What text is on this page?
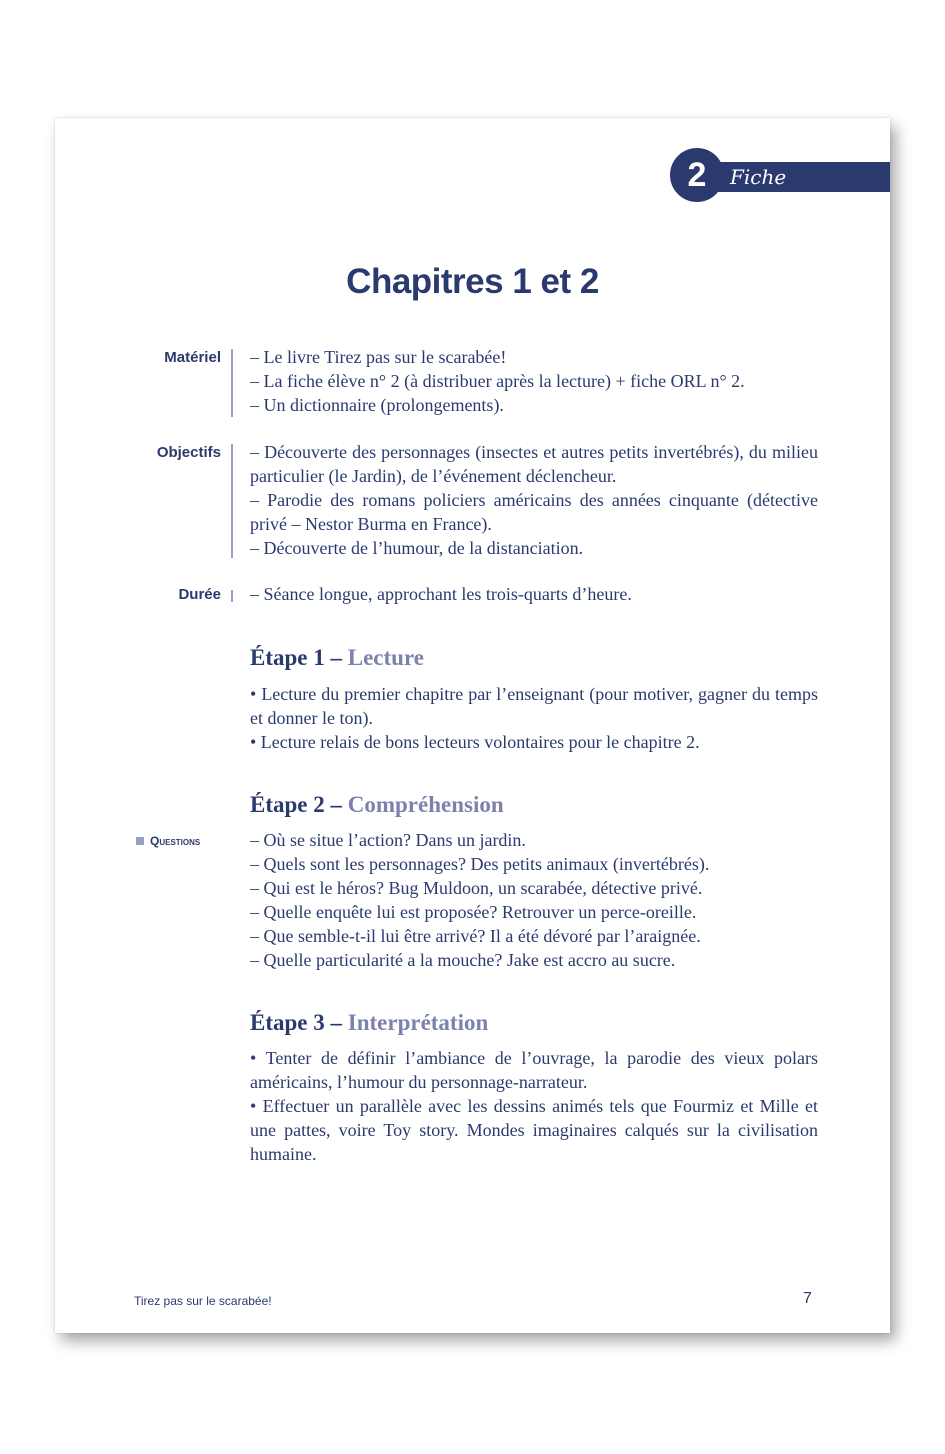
2	Fiche enseignant
Chapitres 1 et 2
Matériel – Le livre Tirez pas sur le scarabée!

– La fiche élève n° 2 (à distribuer après la lecture) + fiche ORL n° 2.

– Un dictionnaire (prolongements).

Objectifs – Découverte des personnages (insectes et autres petits invertébrés), du milieu particulier (le Jardin), de l’événement déclencheur.

– Parodie des romans policiers américains des années cinquante (détective privé – Nestor Burma en France).

– Découverte de l’humour, de la distanciation.

Durée – Séance longue, approchant les trois-quarts d’heure.

Étape 1 – Lecture

• Lecture du premier chapitre par l’enseignant (pour motiver, gagner du temps et donner le ton).

• Lecture relais de bons lecteurs volontaires pour le chapitre 2.

Étape 2 – Compréhension
Questions	– Où se situe l’action? Dans un jardin.

– Quels sont les personnages? Des petits animaux (invertébrés).

– Qui est le héros? Bug Muldoon, un scarabée, détective privé.

– Quelle enquête lui est proposée? Retrouver un perce-oreille.

– Que semble-t-il lui être arrivé? Il a été dévoré par l’araignée.

– Quelle particularité a la mouche? Jake est accro au sucre.

Étape 3 – Interprétation

• Tenter de définir l’ambiance de l’ouvrage, la parodie des vieux polars américains, l’humour du personnage-narrateur.

• Effectuer un parallèle avec les dessins animés tels que Fourmiz et Mille et une pattes, voire Toy story. Mondes imaginaires calqués sur la civilisation humaine.

Tirez pas sur le scarabée!	7
